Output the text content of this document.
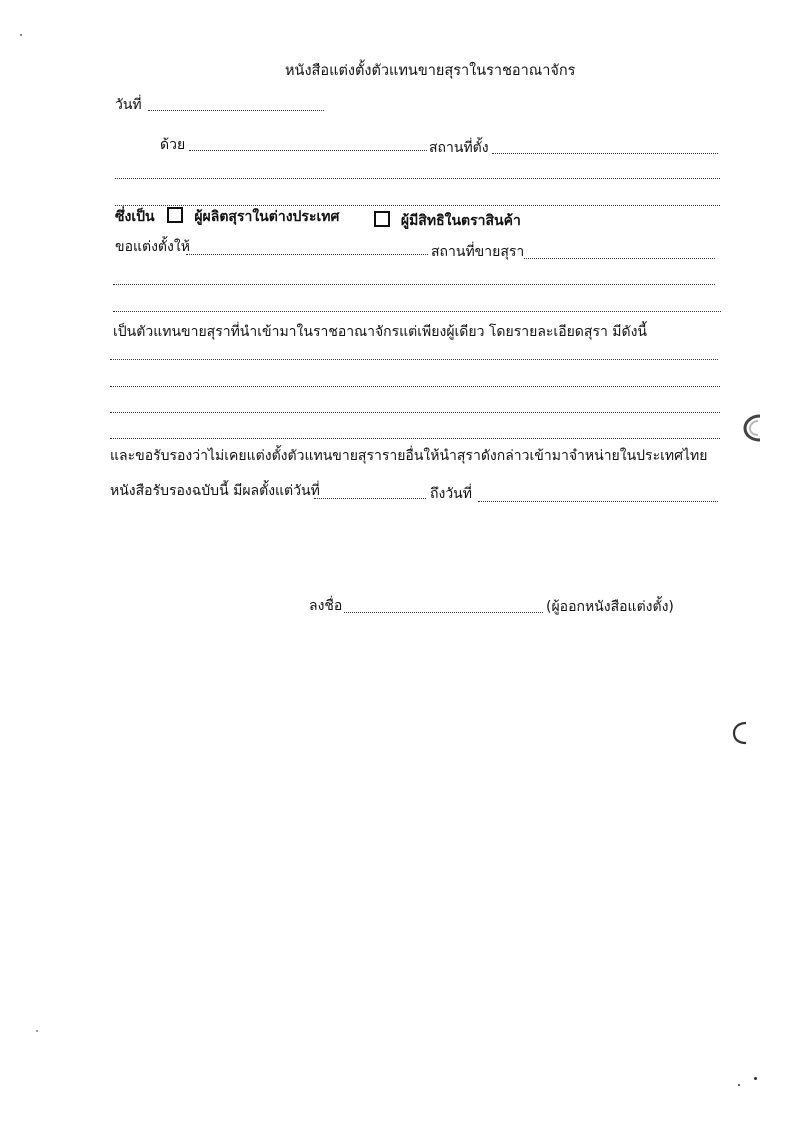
หนังสือแต่งตั้งตัวแทนขายสุราในราชอาณาจักร
วันที่
ด้วย	สถานที่ตั้ง
ซึ่งเป็น	ผู้ผลิตสุราในต่างประเทศ	ผู้มีสิทธิในตราสินค้า
ขอแต่งตั้งให้	สถานที่ขายสุรา
เป็นตัวแทนขายสุราที่นำเข้ามาในราชอาณาจักรแต่เพียงผู้เดียว โดยรายละเอียดสุรา มีดังนี้
และขอรับรองว่าไม่เคยแต่งตั้งตัวแทนขายสุรารายอื่นให้นำสุราดังกล่าวเข้ามาจำหน่ายในประเทศไทย
หนังสือรับรองฉบับนี้ มีผลตั้งแต่วันที่	ถึงวันที่
ลงชื่อ	(ผู้ออกหนังสือแต่งตั้ง)
